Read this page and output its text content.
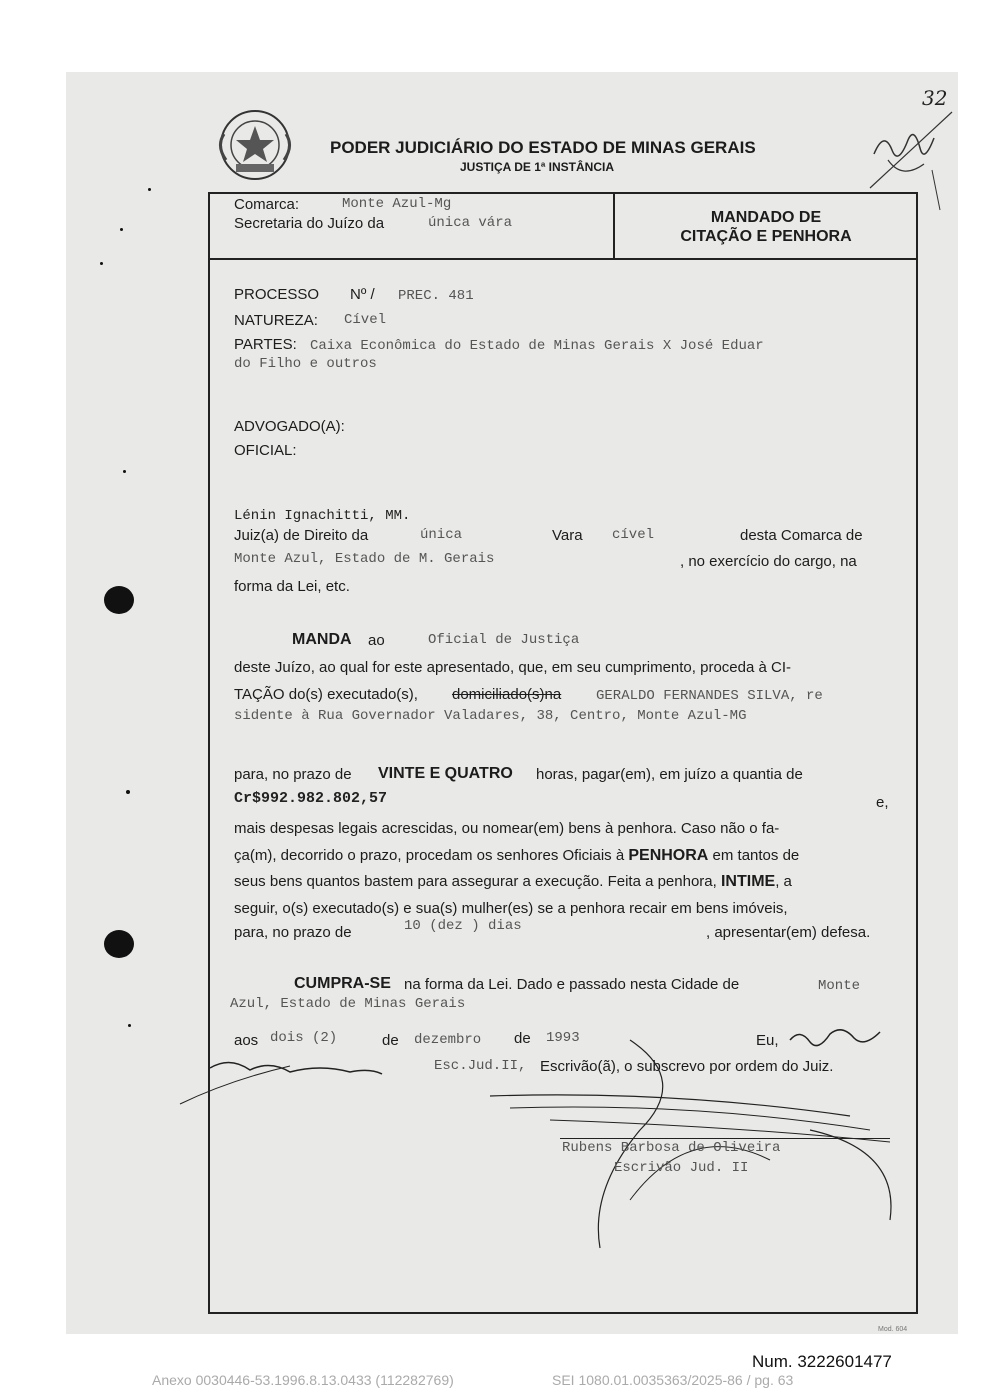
PODER JUDICIÁRIO DO ESTADO DE MINAS GERAIS
JUSTIÇA DE 1ª INSTÂNCIA
32
Comarca:	Monte Azul-Mg
Secretaria do Juízo da	única vára	MANDADO DE
CITAÇÃO E PENHORA
PROCESSO Nº / PREC. 481
NATUREZA: Cível
PARTES: Caixa Econômica do Estado de Minas Gerais X José Eduar
do Filho e outros
ADVOGADO(A):
OFICIAL:
Lénin Ignachitti, MM.
Juiz(a) de Direito da	única	Vara cível	desta Comarca de
Monte Azul, Estado de M. Gerais	, no exercício do cargo, na
forma da Lei, etc.
MANDA ao	Oficial de Justiça
deste Juízo, ao qual for este apresentado, que, em seu cumprimento, proceda à CI-
TAÇÃO do(s) executado(s), domiciliado(s)na GERALDO FERNANDES SILVA, re
sidente à Rua Governador Valadares, 38, Centro, Monte Azul-MG
para, no prazo de VINTE E QUATRO horas, pagar(em), em juízo a quantia de
Cr$992.982.802,57	e,
mais despesas legais acrescidas, ou nomear(em) bens à penhora. Caso não o fa-
ça(m), decorrido o prazo, procedam os senhores Oficiais à PENHORA em tantos de
seus bens quantos bastem para assegurar a execução. Feita a penhora, INTIME, a
seguir, o(s) executado(s) e sua(s) mulher(es) se a penhora recair em bens imóveis,
para, no prazo de	10 (dez ) dias	, apresentar(em) defesa.
CUMPRA-SE na forma da Lei. Dado e passado nesta Cidade de	Monte
Azul, Estado de Minas Gerais
aos dois (2)	de dezembro de 1993	Eu,
Esc.Jud.II, Escrivão(ã), o subscrevo por ordem do Juiz.
Rubens Barbosa de Oliveira
Escrivão Jud. II
Mod. 604
Num. 3222601477
Anexo 0030446-53.1996.8.13.0433 (112282769)	SEI 1080.01.0035363/2025-86 / pg. 63
